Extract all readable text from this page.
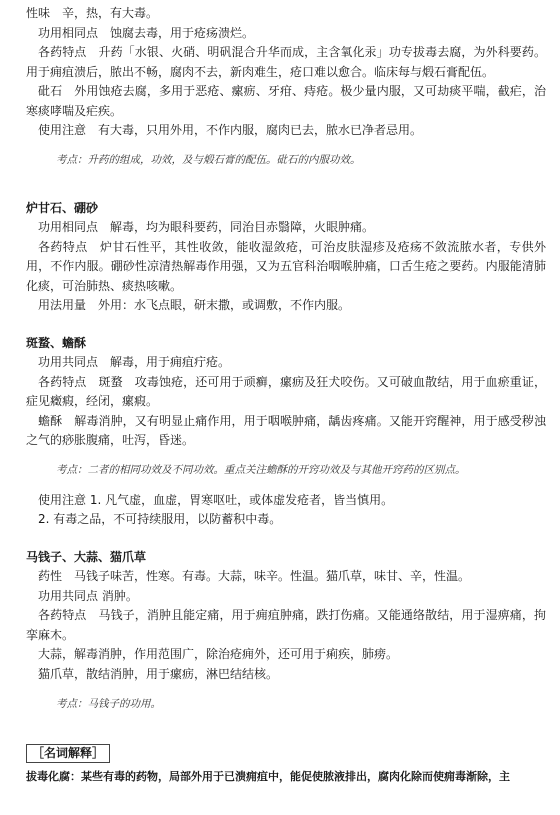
性味　辛，热，有大毒。

功用相同点　蚀腐去毒，用于疮疡溃烂。

各药特点　升药「水银、火硝、明矾混合升华而成，主含氧化汞」功专拔毒去腐，为外科要药。用于痈疽溃后，脓出不畅，腐肉不去，新肉难生，疮口难以愈合。临床每与煅石膏配伍。

砒石　外用蚀疮去腐，多用于恶疮、瘰疬、牙疳、痔疮。极少量内服，又可劫痰平喘，截疟，治寒痰哮喘及疟疾。

使用注意　有大毒，只用外用，不作内服，腐肉已去，脓水已净者忌用。

考点：升药的组成，功效，及与煅石膏的配伍。砒石的内服功效。

炉甘石、硼砂

功用相同点　解毒，均为眼科要药，同治目赤翳障，火眼肿痛。

各药特点　炉甘石性平，其性收敛，能收湿敛疮，可治皮肤湿疹及疮疡不敛流脓水者，专供外用，不作内服。硼砂性凉清热解毒作用强，又为五官科治咽喉肿痛，口舌生疮之要药。内服能清肺化痰，可治肺热、痰热咳嗽。

用法用量　外用：水飞点眼，研末撒，或调敷，不作内服。

斑蝥、蟾酥

功用共同点　解毒，用于痈疽疔疮。

各药特点　斑蝥　攻毒蚀疮，还可用于顽癣，瘰疬及狂犬咬伤。又可破血散结，用于血瘀重证，症见癥瘕，经闭，瘰瘕。

蟾酥　解毒消肿，又有明显止痛作用，用于咽喉肿痛，龋齿疼痛。又能开窍醒神，用于感受秽浊之气的痧胀腹痛，吐泻，昏迷。

考点：二者的相同功效及不同功效。重点关注蟾酥的开窍功效及与其他开窍药的区别点。

使用注意 1. 凡气虚，血虚，胃寒呕吐，或体虚发疮者，皆当慎用。

2. 有毒之品，不可持续服用，以防蓄积中毒。

马钱子、大蒜、猫爪草

药性　马钱子味苦，性寒。有毒。大蒜，味辛。性温。猫爪草，味甘、辛，性温。

功用共同点 消肿。

各药特点　马钱子，消肿且能定痛，用于痈疽肿痛，跌打伤痛。又能通络散结，用于湿痹痛，拘挛麻木。

大蒜，解毒消肿，作用范围广，除治疮痈外，还可用于痢疾，肺痨。

猫爪草，散结消肿，用于瘰疬，淋巴结结核。

考点：马钱子的功用。

［名词解释］

拔毒化腐：某些有毒的药物，局部外用于已溃痈疽中，能促使脓液排出，腐肉化除而使痈毒渐除，主
